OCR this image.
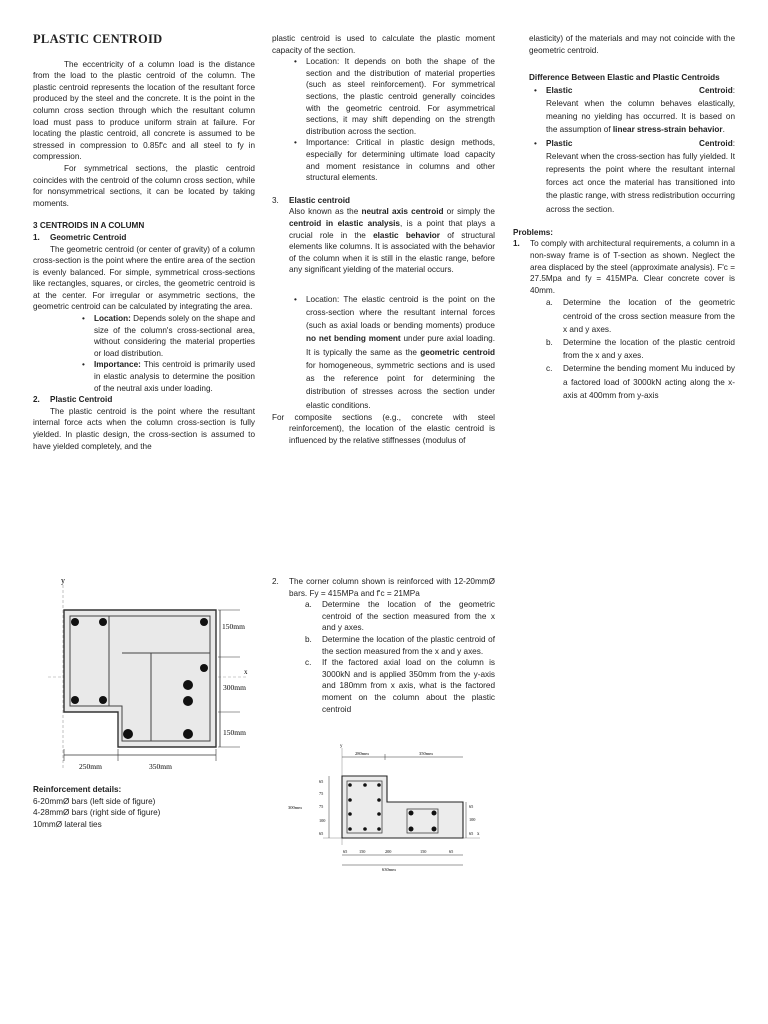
PLASTIC CENTROID

The eccentricity of a column load is the distance from the load to the plastic centroid of the column. The plastic centroid represents the location of the resultant force produced by the steel and the concrete. It is the point in the column cross section through which the resultant column load must pass to produce uniform strain at failure. For locating the plastic centroid, all concrete is assumed to be stressed in compression to 0.85f'c and all steel to fy in compression.

For symmetrical sections, the plastic centroid coincides with the centroid of the column cross section, while for nonsymmetrical sections, it can be located by taking moments.

3 CENTROIDS IN A COLUMN
1.	Geometric Centroid

The geometric centroid (or center of gravity) of a column cross-section is the point where the entire area of the section is evenly balanced. For simple, symmetrical cross-sections like rectangles, squares, or circles, the geometric centroid is at the center. For irregular or asymmetric sections, the geometric centroid can be calculated by integrating the area.

• Location: Depends solely on the shape and size of the column's cross-sectional area, without considering the material properties or load distribution.
• Importance: This centroid is primarily used in elastic analysis to determine the position of the neutral axis under loading.
2.	Plastic Centroid

The plastic centroid is the point where the resultant internal force acts when the column cross-section is fully yielded. In plastic design, the cross-section is assumed to have yielded completely, and the

plastic centroid is used to calculate the plastic moment capacity of the section.

• Location: It depends on both the shape of the section and the distribution of material properties (such as steel reinforcement). For symmetrical sections, the plastic centroid generally coincides with the geometric centroid. For asymmetrical sections, it may shift depending on the strength distribution across the section.
• Importance: Critical in plastic design methods, especially for determining ultimate load capacity and moment resistance in columns and other structural elements.
3.	Elastic centroid

Also known as the neutral axis centroid or simply the centroid in elastic analysis, is a point that plays a crucial role in the elastic behavior of structural elements like columns. It is associated with the behavior of the column when it is still in the elastic range, before any significant yielding of the material occurs.

• Location: The elastic centroid is the point on the cross-section where the resultant internal forces (such as axial loads or bending moments) produce no net bending moment under pure axial loading. It is typically the same as the geometric centroid for homogeneous, symmetric sections and is used as the reference point for determining the distribution of stresses across the section under elastic conditions.

For composite sections (e.g., concrete with steel reinforcement), the location of the elastic centroid is influenced by the relative stiffnesses (modulus of

elasticity) of the materials and may not coincide with the geometric centroid.

Difference Between Elastic and Plastic Centroids
• Elastic	Centroid:
Relevant when the column behaves elastically, meaning no yielding has occurred. It is based on the assumption of linear stress-strain behavior.
• Plastic	Centroid:
Relevant when the cross-section has fully yielded. It represents the point where the resultant internal forces act once the material has transitioned into the plastic range, with stress redistribution occurring across the section.
Problems:
1.	To comply with architectural requirements, a column in a non-sway frame is of T-section as shown. Neglect the area displaced by the steel (approximate analysis). F'c = 27.5Mpa and fy = 415MPa. Clear concrete cover is 40mm.

a.	Determine the location of the geometric centroid of the cross section measure from the x and y axes.

b.	Determine the location of the plastic centroid from the x and y axes.

c.	Determine the bending moment Mu induced by a factored load of 3000kN acting along the x-axis at 400mm from y-axis

y
x
150mm
300mm
150mm
250mm	350mm
Reinforcement details:
6-20mmØ bars (left side of figure)
4-28mmØ bars (right side of figure)
10mmØ lateral ties
2.	The corner column shown is reinforced with 12-20mmØ bars. Fy = 415MPa and f'c = 21MPa

a.	Determine the location of the geometric centroid of the section measured from the x and y axes.

b.	Determine the location of the plastic centroid of the section measured from the x and y axes.

c.	If the factored axial load on the column is 3000kN and is applied 350mm from the y-axis and 180mm from x axis, what is the factored moment on the column about the plastic centroid

y
x
280mm	350mm
300mm
65
75
75
100
65
65
100
65
65	150	200	150	65
630mm
